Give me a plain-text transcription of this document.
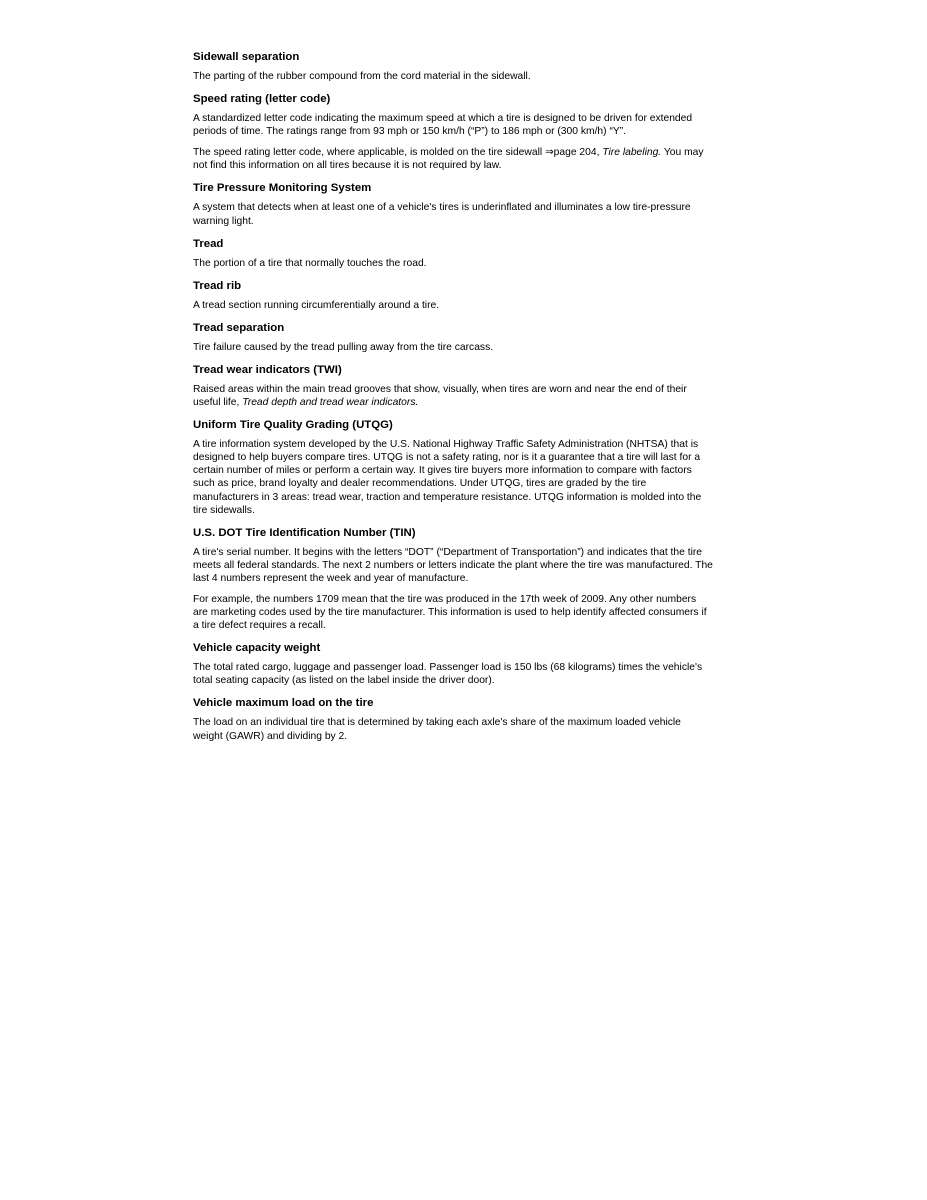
Sidewall separation

The parting of the rubber compound from the cord material in the sidewall.

Speed rating (letter code)

A standardized letter code indicating the maximum speed at which a tire is designed to be driven for extended periods of time. The ratings range from 93 mph or 150 km/h (“P”) to 186 mph or (300 km/h) “Y”.

The speed rating letter code, where applicable, is molded on the tire sidewall ⇒page 204, Tire labeling. You may not find this information on all tires because it is not required by law.

Tire Pressure Monitoring System

A system that detects when at least one of a vehicle's tires is underinflated and illuminates a low tire-pressure warning light.

Tread

The portion of a tire that normally touches the road.

Tread rib

A tread section running circumferentially around a tire.

Tread separation

Tire failure caused by the tread pulling away from the tire carcass.

Tread wear indicators (TWI)

Raised areas within the main tread grooves that show, visually, when tires are worn and near the end of their useful life, Tread depth and tread wear indicators.

Uniform Tire Quality Grading (UTQG)

A tire information system developed by the U.S. National Highway Traffic Safety Administration (NHTSA) that is designed to help buyers compare tires. UTQG is not a safety rating, nor is it a guarantee that a tire will last for a certain number of miles or perform a certain way. It gives tire buyers more information to compare with factors such as price, brand loyalty and dealer recommendations. Under UTQG, tires are graded by the tire manufacturers in 3 areas: tread wear, traction and temperature resistance. UTQG information is molded into the tire sidewalls.

U.S. DOT Tire Identification Number (TIN)

A tire's serial number. It begins with the letters “DOT” (“Department of Transportation”) and indicates that the tire meets all federal standards. The next 2 numbers or letters indicate the plant where the tire was manufactured. The last 4 numbers represent the week and year of manufacture.

For example, the numbers 1709 mean that the tire was produced in the 17th week of 2009. Any other numbers are marketing codes used by the tire manufacturer. This information is used to help identify affected consumers if a tire defect requires a recall.

Vehicle capacity weight

The total rated cargo, luggage and passenger load. Passenger load is 150 lbs (68 kilograms) times the vehicle's total seating capacity (as listed on the label inside the driver door).

Vehicle maximum load on the tire

The load on an individual tire that is determined by taking each axle's share of the maximum loaded vehicle weight (GAWR) and dividing by 2.
